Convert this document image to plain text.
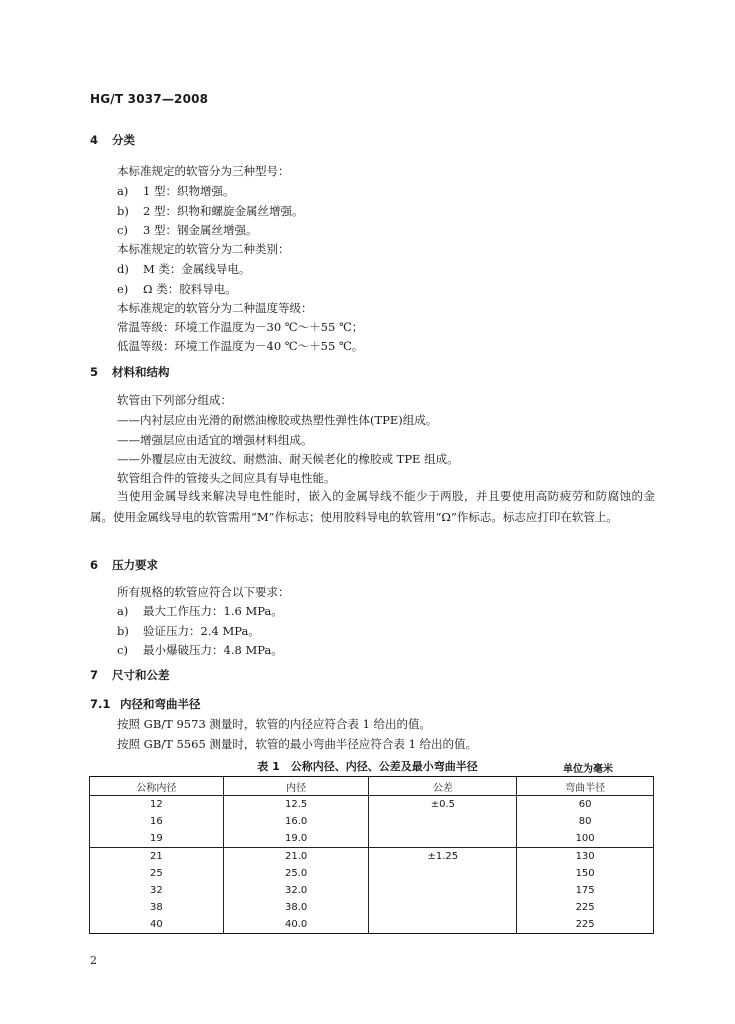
HG/T 3037—2008
4 分类
本标准规定的软管分为三种型号：
a) 1 型：织物增强。
b) 2 型：织物和螺旋金属丝增强。
c) 3 型：钢金属丝增强。
本标准规定的软管分为二种类别：
d) M 类：金属线导电。
e) Ω 类：胶料导电。
本标准规定的软管分为二种温度等级：
常温等级：环境工作温度为－30 ℃～＋55 ℃；
低温等级：环境工作温度为－40 ℃～＋55 ℃。
5 材料和结构
软管由下列部分组成：
——内衬层应由光滑的耐燃油橡胶或热塑性弹性体(TPE)组成。
——增强层应由适宜的增强材料组成。
——外覆层应由无波纹、耐燃油、耐天候老化的橡胶或 TPE 组成。
软管组合件的管接头之间应具有导电性能。
当使用金属导线来解决导电性能时，嵌入的金属导线不能少于两股，并且要使用高防疲劳和防腐蚀的金属。使用金属线导电的软管需用“M”作标志；使用胶料导电的软管用“Ω”作标志。标志应打印在软管上。
6 压力要求
所有规格的软管应符合以下要求：
a) 最大工作压力：1.6 MPa。
b) 验证压力：2.4 MPa。
c) 最小爆破压力：4.8 MPa。
7 尺寸和公差
7.1 内径和弯曲半径
按照 GB/T 9573 测量时，软管的内径应符合表 1 给出的值。
按照 GB/T 5565 测量时，软管的最小弯曲半径应符合表 1 给出的值。
表 1　公称内径、内径、公差及最小弯曲半径	单位为毫米
公称内径	内径	公差	弯曲半径
12	12.5	±0.5	60
16	16.0		80
19	19.0		100
21	21.0	±1.25	130
25	25.0		150
32	32.0		175
38	38.0		225
40	40.0		225
2
